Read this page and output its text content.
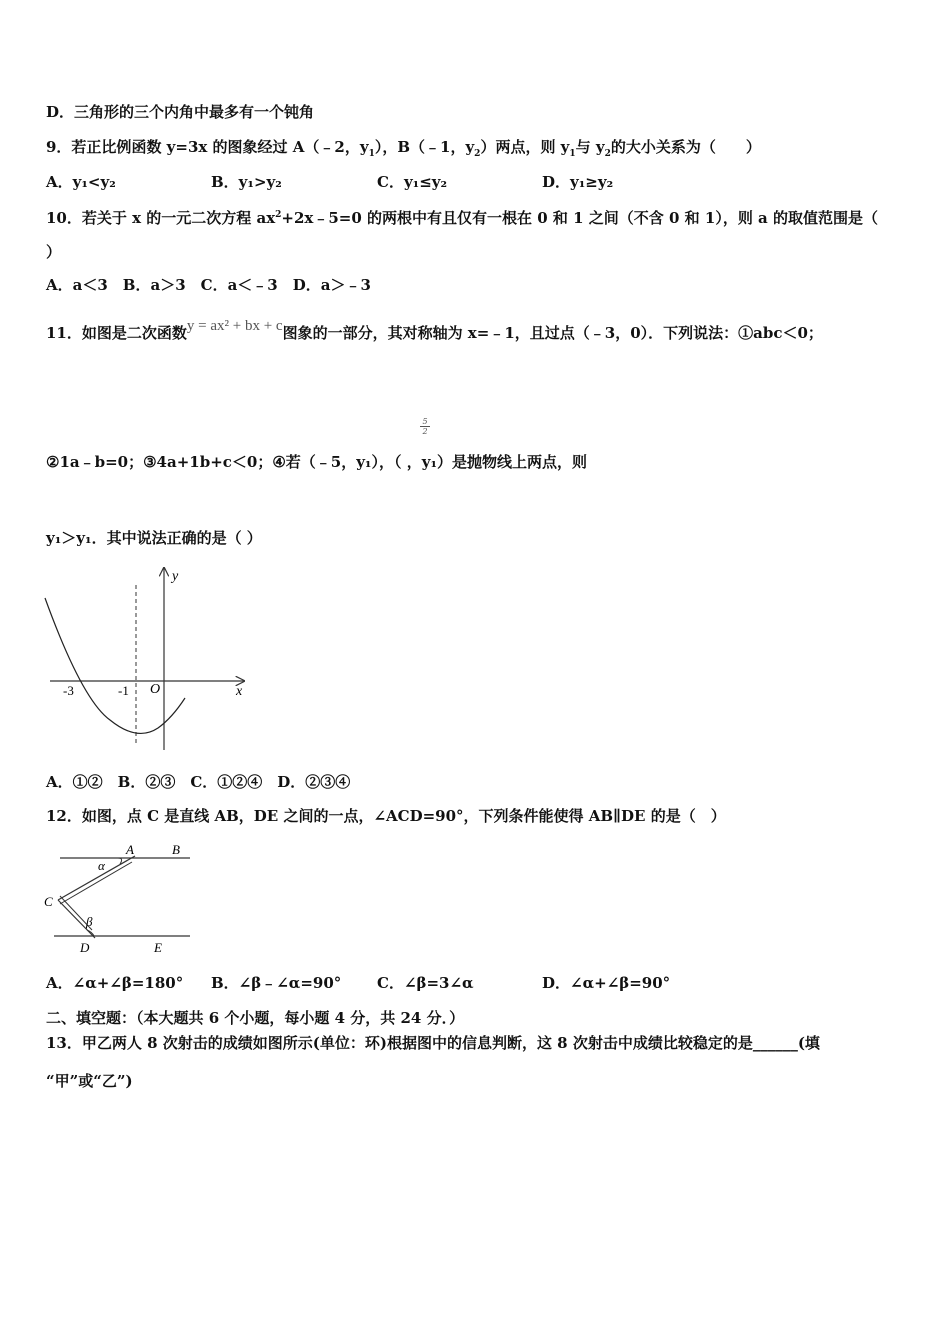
D．三角形的三个内角中最多有一个钝角
9．若正比例函数 y=3x 的图象经过 A（﹣2，$y_1$），B（﹣1，$y_2$）两点，则 $y_1$与 $y_2$的大小关系为（　　）
A．y₁<y₂	B．y₁>y₂	C．y₁≤y₂	D．y₁≥y₂
10．若关于 x 的一元二次方程 $ax^2+2x﹣5=0$ 的两根中有且仅有一根在 0 和 1 之间（不含 0 和 1），则 a 的取值范围是（
）
A．a＜3　B．a＞3　C．a＜﹣3　D．a＞﹣3
11．如图是二次函数y = ax² + bx + c图象的一部分，其对称轴为 x=﹣1，且过点（﹣3，0）．下列说法：①abc＜0；
$\frac{5}{2}$
②1a﹣b=0；③4a+1b+c＜0；④若（﹣5，y₁），（ ，y₁）是抛物线上两点，则
y₁＞y₁．其中说法正确的是（ ）
y
x
O
-3	-1
A．①②　B．②③　C．①②④　D．②③④
12．如图，点 C 是直线 AB，DE 之间的一点，∠ACD=90°，下列条件能使得 AB∥DE 的是（　）
A	B
C
D	E
α
β
A．∠α+∠β=180° B．∠β﹣∠α=90° C．∠β=3∠α	D．∠α+∠β=90°
二、填空题：（本大题共 6 个小题，每小题 4 分，共 24 分．）
13．甲乙两人 8 次射击的成绩如图所示(单位：环)根据图中的信息判断，这 8 次射击中成绩比较稳定的是______(填
“甲”或“乙”)
